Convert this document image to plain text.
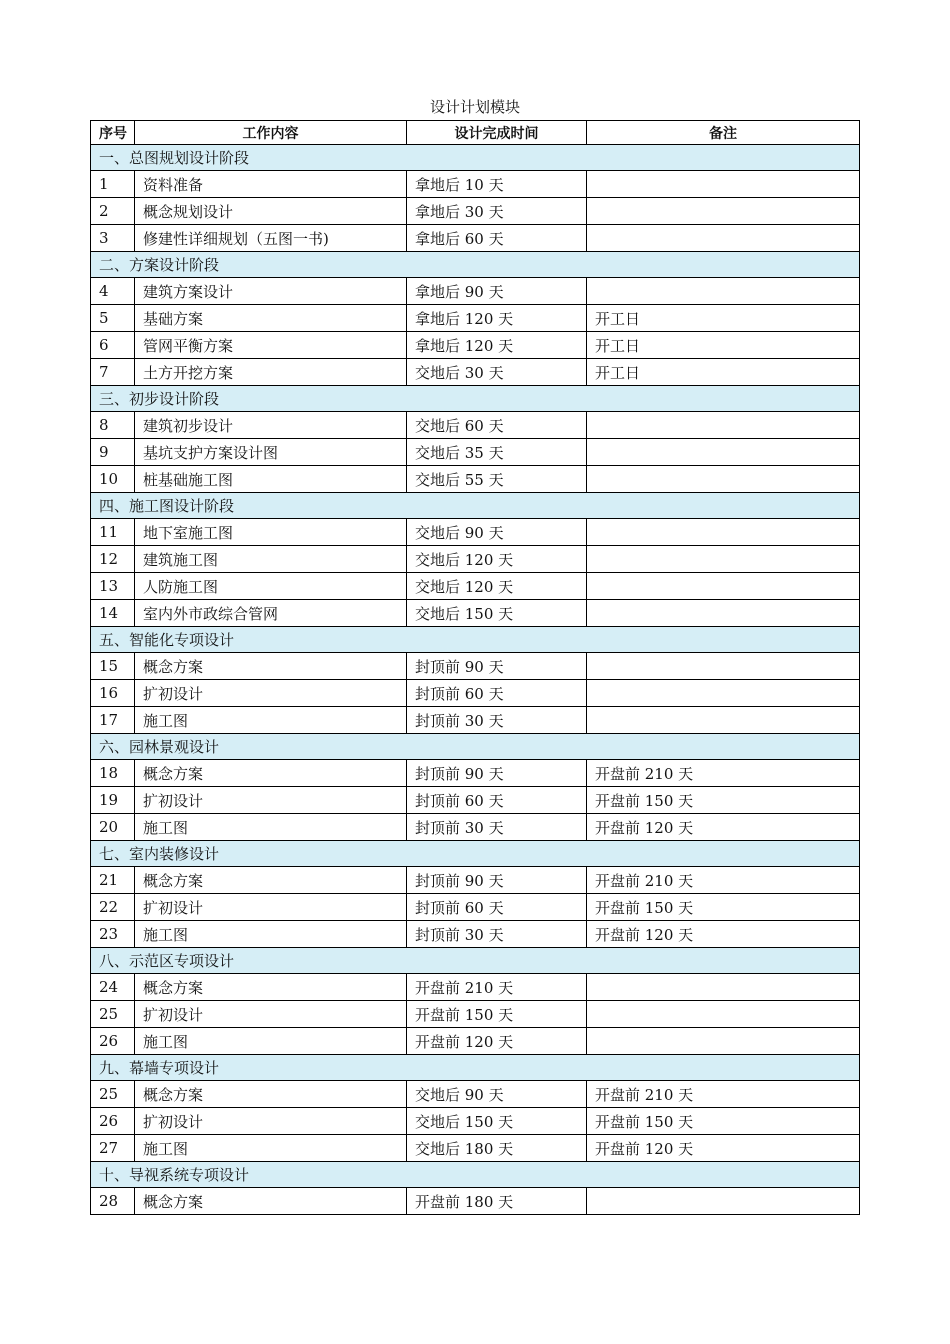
设计计划模块
序号	工作内容	设计完成时间	备注
一、总图规划设计阶段			
1	资料准备	拿地后 10 天	
2	概念规划设计	拿地后 30 天	
3	修建性详细规划（五图一书)	拿地后 60 天	
二、方案设计阶段			
4	建筑方案设计	拿地后 90 天	
5	基础方案	拿地后 120 天	开工日
6	管网平衡方案	拿地后 120 天	开工日
7	土方开挖方案	交地后 30 天	开工日
三、初步设计阶段			
8	建筑初步设计	交地后 60 天	
9	基坑支护方案设计图	交地后 35 天	
10	桩基础施工图	交地后 55 天	
四、施工图设计阶段			
11	地下室施工图	交地后 90 天	
12	建筑施工图	交地后 120 天	
13	人防施工图	交地后 120 天	
14	室内外市政综合管网	交地后 150 天	
五、智能化专项设计			
15	概念方案	封顶前 90 天	
16	扩初设计	封顶前 60 天	
17	施工图	封顶前 30 天	
六、园林景观设计			
18	概念方案	封顶前 90 天	开盘前 210 天
19	扩初设计	封顶前 60 天	开盘前 150 天
20	施工图	封顶前 30 天	开盘前 120 天
七、室内装修设计			
21	概念方案	封顶前 90 天	开盘前 210 天
22	扩初设计	封顶前 60 天	开盘前 150 天
23	施工图	封顶前 30 天	开盘前 120 天
八、示范区专项设计			
24	概念方案	开盘前 210 天	
25	扩初设计	开盘前 150 天	
26	施工图	开盘前 120 天	
九、幕墙专项设计			
25	概念方案	交地后 90 天	开盘前 210 天
26	扩初设计	交地后 150 天	开盘前 150 天
27	施工图	交地后 180 天	开盘前 120 天
十、导视系统专项设计			
28	概念方案	开盘前 180 天	
